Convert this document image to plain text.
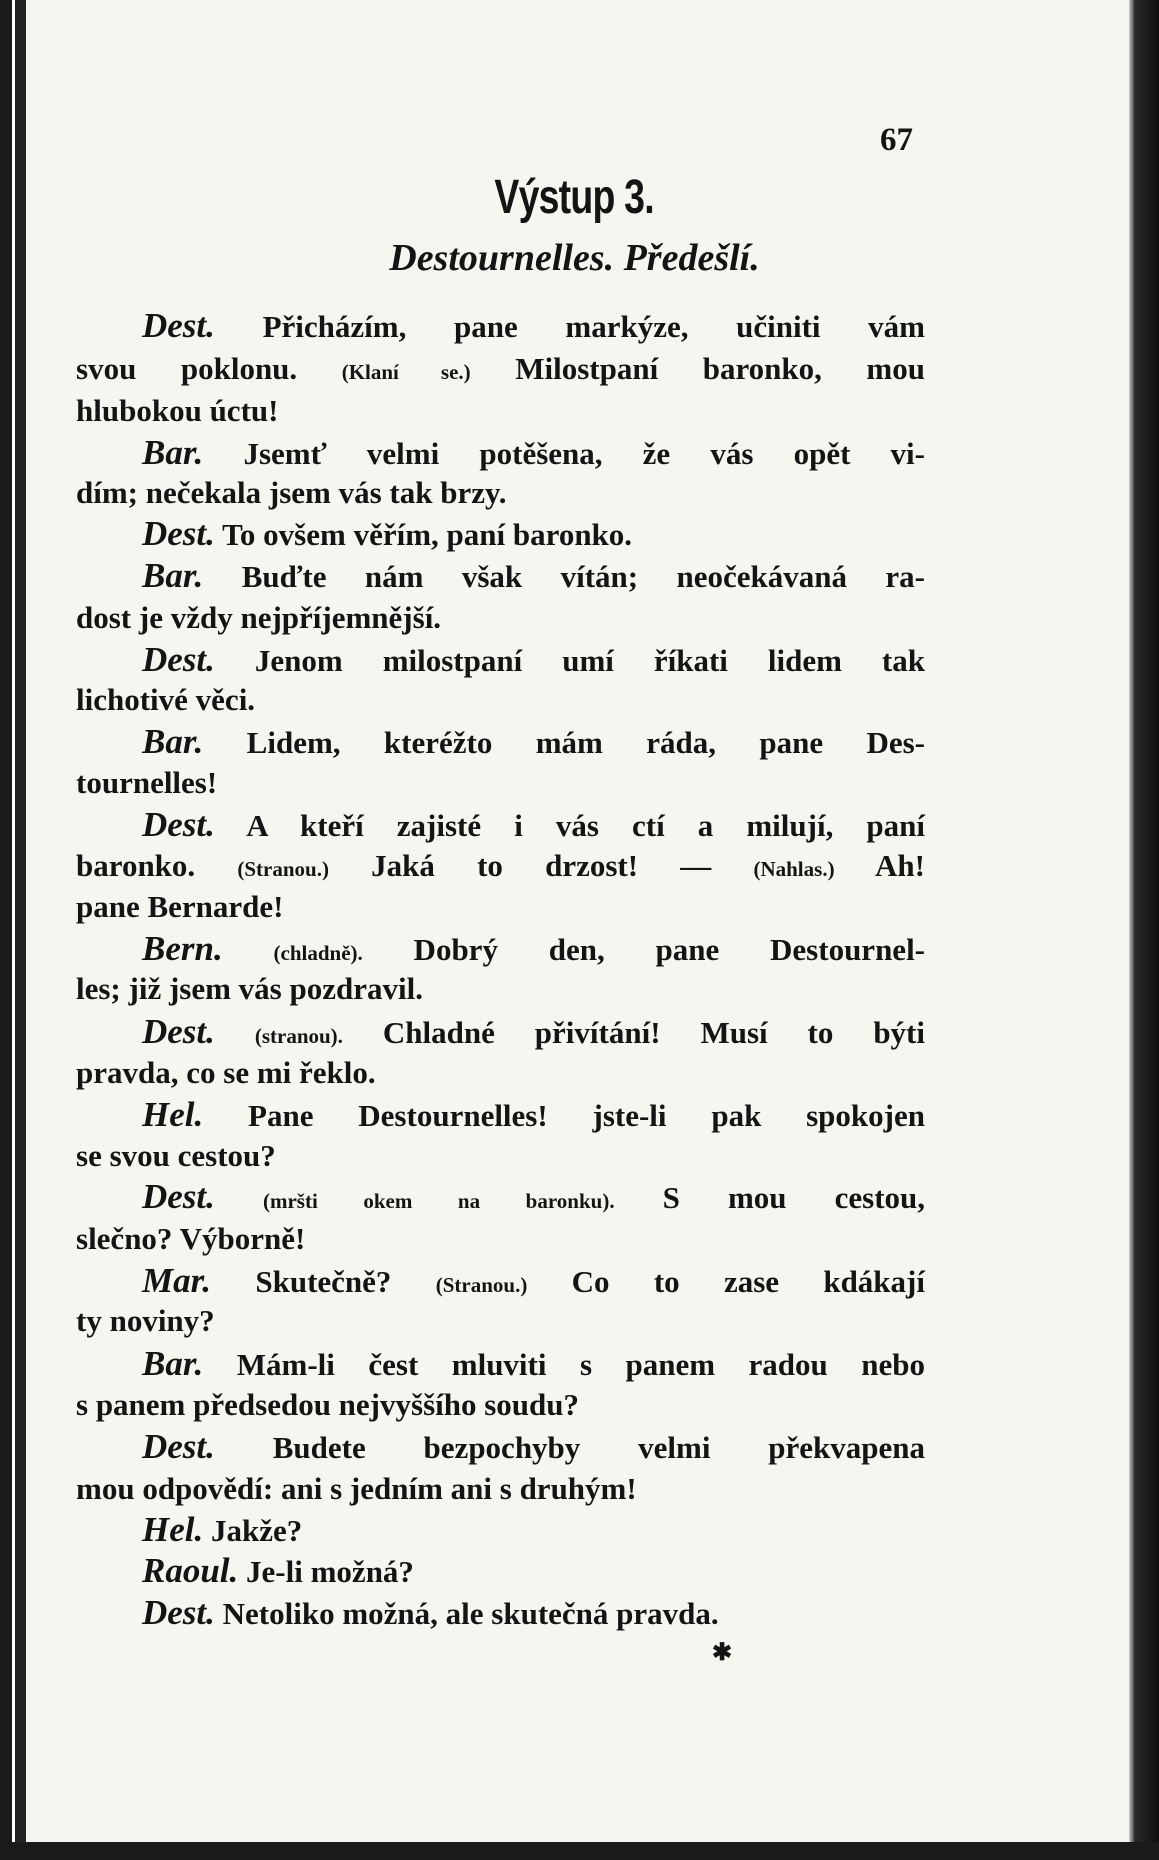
67
Výstup 3.
Destournelles. Předešlí.
Dest. Přicházím, pane markýze, učiniti vám
svou poklonu. (Klaní se.) Milostpaní baronko, mou
hlubokou úctu!
Bar. Jsemť velmi potěšena, že vás opět vi-
dím; nečekala jsem vás tak brzy.
Dest. To ovšem věřím, paní baronko.
Bar. Buďte nám však vítán; neočekávaná ra-
dost je vždy nejpříjemnější.
Dest. Jenom milostpaní umí říkati lidem tak
lichotivé věci.
Bar. Lidem, kteréžto mám ráda, pane Des-
tournelles!
Dest. A kteří zajisté i vás ctí a milují, paní
baronko. (Stranou.) Jaká to drzost! — (Nahlas.) Ah!
pane Bernarde!
Bern. (chladně). Dobrý den, pane Destournel-
les; již jsem vás pozdravil.
Dest. (stranou). Chladné přivítání! Musí to býti
pravda, co se mi řeklo.
Hel. Pane Destournelles! jste-li pak spokojen
se svou cestou?
Dest. (mršti okem na baronku). S mou cestou,
slečno? Výborně!
Mar. Skutečně? (Stranou.) Co to zase kdákají
ty noviny?
Bar. Mám-li čest mluviti s panem radou nebo
s panem předsedou nejvyššího soudu?
Dest. Budete bezpochyby velmi překvapena
mou odpovědí: ani s jedním ani s druhým!
Hel. Jakže?
Raoul. Je-li možná?
Dest. Netoliko možná, ale skutečná pravda.
✱
